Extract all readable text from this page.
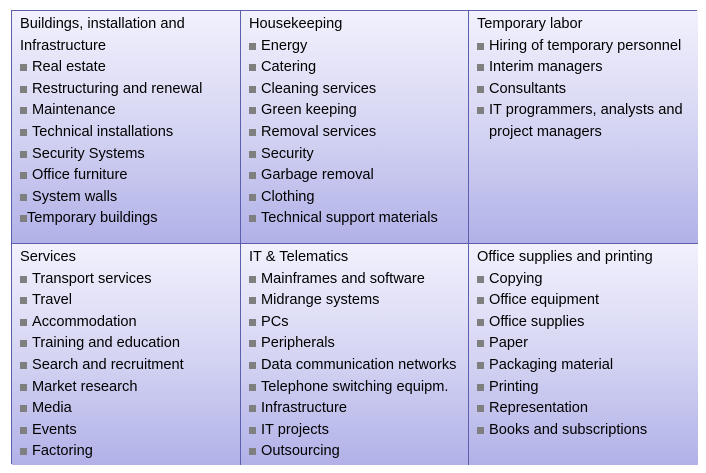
Buildings, installation and Infrastructure
Real estate
Restructuring and renewal
Maintenance
Technical installations
Security Systems
Office furniture
System walls
Temporary buildings
Housekeeping
Energy
Catering
Cleaning services
Green keeping
Removal services
Security
Garbage removal
Clothing
Technical support materials
Temporary labor
Hiring of temporary personnel
Interim managers
Consultants
IT programmers, analysts and project managers
Services
Transport services
Travel
Accommodation
Training and education
Search and recruitment
Market research
Media
Events
Factoring
IT & Telematics
Mainframes and software
Midrange systems
PCs
Peripherals
Data communication networks
Telephone switching equipm.
Infrastructure
IT projects
Outsourcing
Office supplies and printing
Copying
Office equipment
Office supplies
Paper
Packaging material
Printing
Representation
Books and subscriptions
